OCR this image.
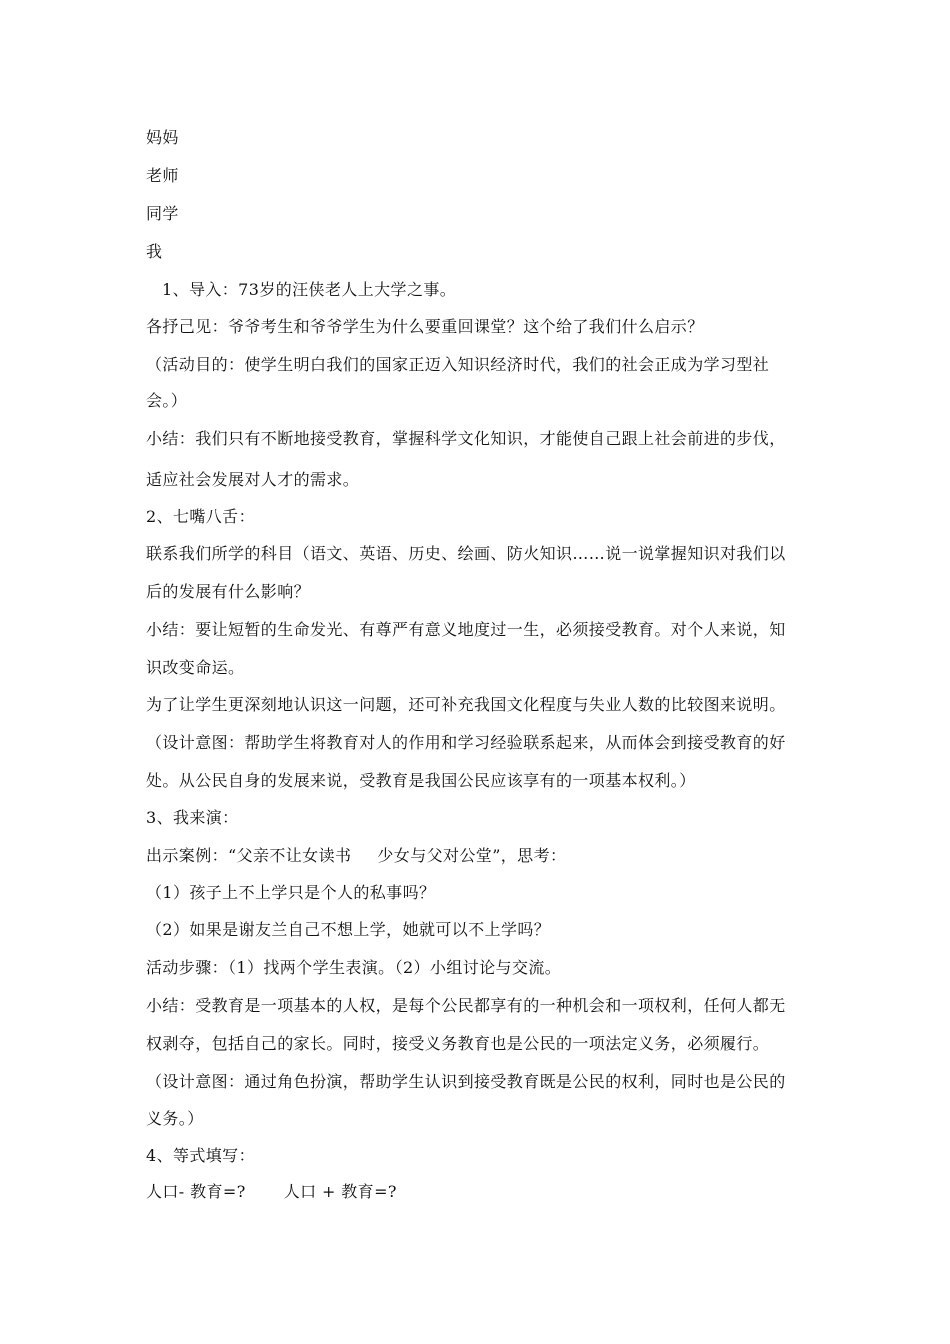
妈妈
老师
同学
我
1、导入：73岁的汪侠老人上大学之事。
各抒己见：爷爷考生和爷爷学生为什么要重回课堂？这个给了我们什么启示？
（活动目的：使学生明白我们的国家正迈入知识经济时代，我们的社会正成为学习型社
会。）
小结：我们只有不断地接受教育，掌握科学文化知识，才能使自己跟上社会前进的步伐，
适应社会发展对人才的需求。
2、七嘴八舌：
联系我们所学的科目（语文、英语、历史、绘画、防火知识……说一说掌握知识对我们以
后的发展有什么影响？
小结：要让短暂的生命发光、有尊严有意义地度过一生，必须接受教育。对个人来说，知
识改变命运。
为了让学生更深刻地认识这一问题，还可补充我国文化程度与失业人数的比较图来说明。
（设计意图：帮助学生将教育对人的作用和学习经验联系起来，从而体会到接受教育的好
处。从公民自身的发展来说，受教育是我国公民应该享有的一项基本权利。）
3、我来演：
出示案例：“父亲不让女读书 少女与父对公堂”，思考：
（1）孩子上不上学只是个人的私事吗？
（2）如果是谢友兰自己不想上学，她就可以不上学吗？
活动步骤：（1）找两个学生表演。（2）小组讨论与交流。
小结：受教育是一项基本的人权，是每个公民都享有的一种机会和一项权利，任何人都无
权剥夺，包括自己的家长。同时，接受义务教育也是公民的一项法定义务，必须履行。
（设计意图：通过角色扮演，帮助学生认识到接受教育既是公民的权利，同时也是公民的
义务。）
4、等式填写：
人口- 教育=? 人口 + 教育=?
